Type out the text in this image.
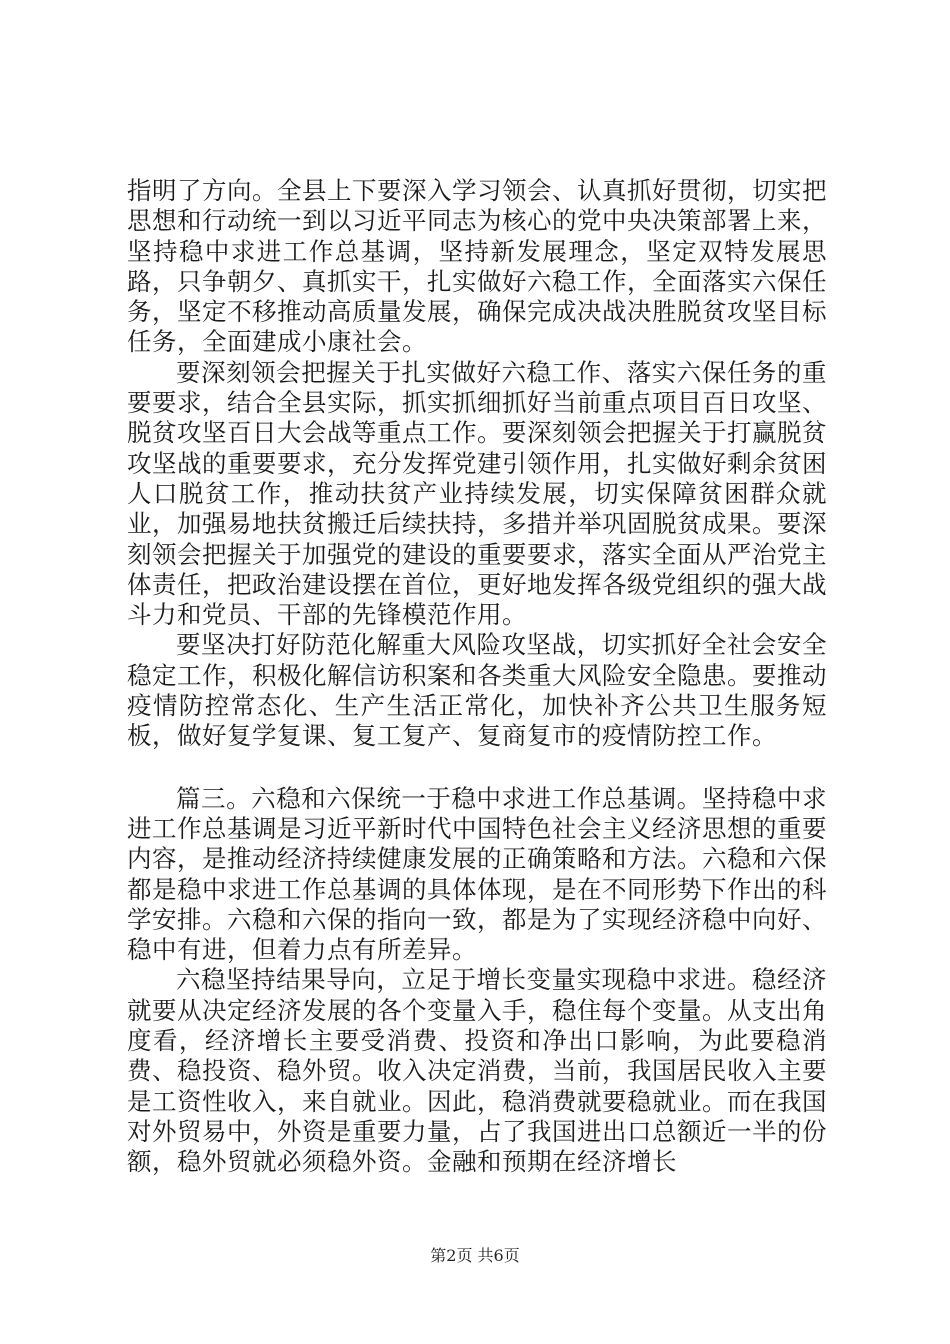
指明了方向。全县上下要深入学习领会、认真抓好贯彻，切实把思想和行动统一到以习近平同志为核心的党中央决策部署上来，坚持稳中求进工作总基调，坚持新发展理念，坚定双特发展思路，只争朝夕、真抓实干，扎实做好六稳工作，全面落实六保任务，坚定不移推动高质量发展，确保完成决战决胜脱贫攻坚目标任务，全面建成小康社会。

要深刻领会把握关于扎实做好六稳工作、落实六保任务的重要要求，结合全县实际，抓实抓细抓好当前重点项目百日攻坚、脱贫攻坚百日大会战等重点工作。要深刻领会把握关于打赢脱贫攻坚战的重要要求，充分发挥党建引领作用，扎实做好剩余贫困人口脱贫工作，推动扶贫产业持续发展，切实保障贫困群众就业，加强易地扶贫搬迁后续扶持，多措并举巩固脱贫成果。要深刻领会把握关于加强党的建设的重要要求，落实全面从严治党主体责任，把政治建设摆在首位，更好地发挥各级党组织的强大战斗力和党员、干部的先锋模范作用。

要坚决打好防范化解重大风险攻坚战，切实抓好全社会安全稳定工作，积极化解信访积案和各类重大风险安全隐患。要推动疫情防控常态化、生产生活正常化，加快补齐公共卫生服务短板，做好复学复课、复工复产、复商复市的疫情防控工作。

篇三。六稳和六保统一于稳中求进工作总基调。坚持稳中求进工作总基调是习近平新时代中国特色社会主义经济思想的重要内容，是推动经济持续健康发展的正确策略和方法。六稳和六保都是稳中求进工作总基调的具体体现，是在不同形势下作出的科学安排。六稳和六保的指向一致，都是为了实现经济稳中向好、稳中有进，但着力点有所差异。

六稳坚持结果导向，立足于增长变量实现稳中求进。稳经济就要从决定经济发展的各个变量入手，稳住每个变量。从支出角度看，经济增长主要受消费、投资和净出口影响，为此要稳消费、稳投资、稳外贸。收入决定消费，当前，我国居民收入主要是工资性收入，来自就业。因此，稳消费就要稳就业。而在我国对外贸易中，外资是重要力量，占了我国进出口总额近一半的份额，稳外贸就必须稳外资。金融和预期在经济增长

第2页 共6页
